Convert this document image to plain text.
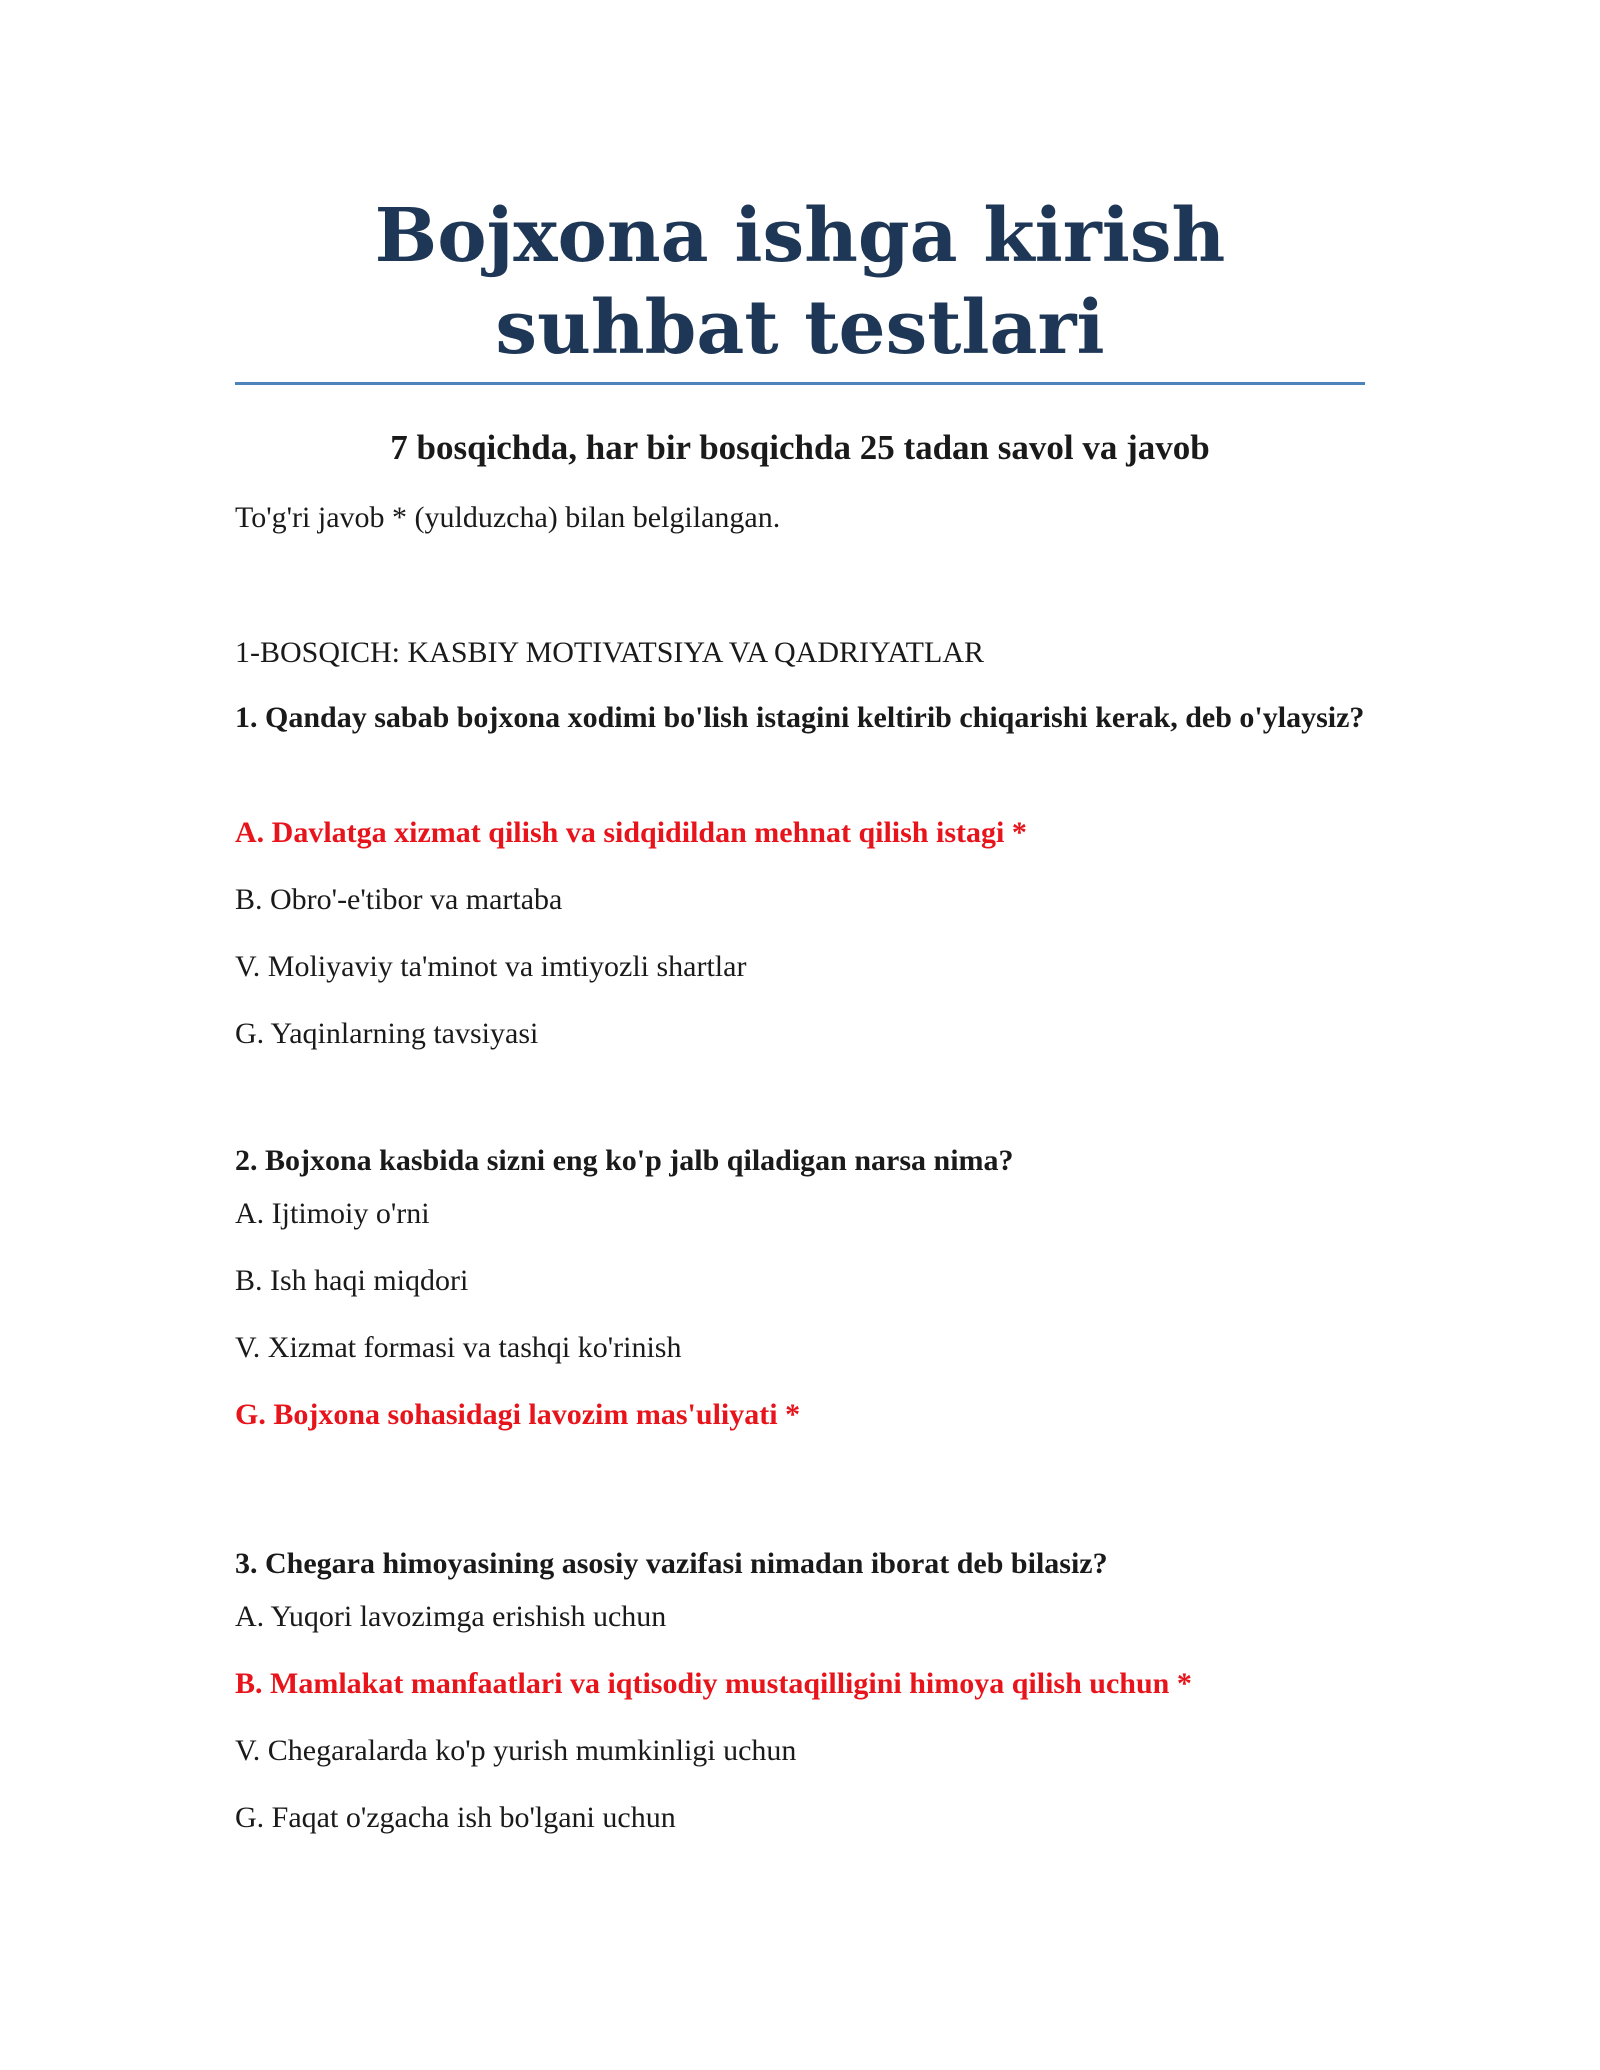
Bojxona ishga kirish suhbat testlari

7 bosqichda, har bir bosqichda 25 tadan savol va javob

To'g'ri javob * (yulduzcha) bilan belgilangan.

1-BOSQICH: KASBIY MOTIVATSIYA VA QADRIYATLAR

1. Qanday sabab bojxona xodimi bo'lish istagini keltirib chiqarishi kerak, deb o'ylaysiz?

A. Davlatga xizmat qilish va sidqidildan mehnat qilish istagi *

B. Obro'-e'tibor va martaba

V. Moliyaviy ta'minot va imtiyozli shartlar

G. Yaqinlarning tavsiyasi

2. Bojxona kasbida sizni eng ko'p jalb qiladigan narsa nima?

A. Ijtimoiy o'rni

B. Ish haqi miqdori

V. Xizmat formasi va tashqi ko'rinish

G. Bojxona sohasidagi lavozim mas'uliyati *

3. Chegara himoyasining asosiy vazifasi nimadan iborat deb bilasiz?

A. Yuqori lavozimga erishish uchun

B. Mamlakat manfaatlari va iqtisodiy mustaqilligini himoya qilish uchun *

V. Chegaralarda ko'p yurish mumkinligi uchun

G. Faqat o'zgacha ish bo'lgani uchun
